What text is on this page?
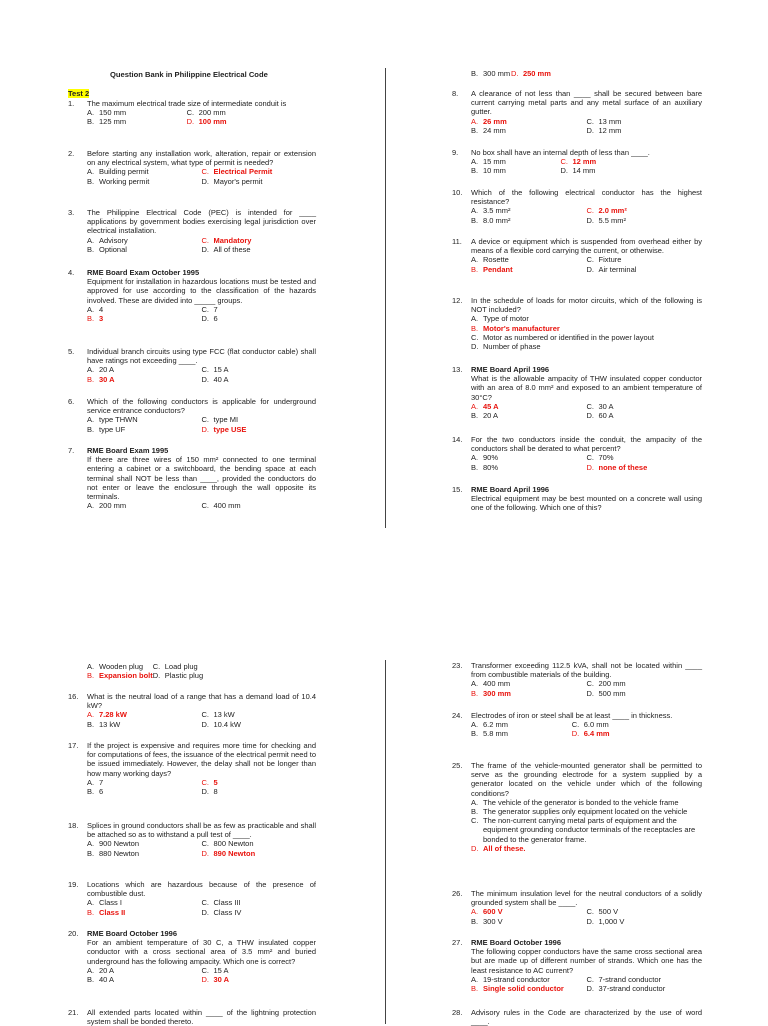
Question Bank in Philippine Electrical Code
Test 2
1.	The maximum electrical trade size of intermediate conduit is
A. 150 mm	C. 200 mm
B. 125 mm	D. 100 mm
2.	Before starting any installation work, alteration, repair or extension on any electrical system, what type of permit is needed?
A. Building permit	C. Electrical Permit
B. Working permit	D. Mayor's permit
3.	The Philippine Electrical Code (PEC) is intended for ____ applications by government bodies exercising legal jurisdiction over electrical installation.
A. Advisory	C. Mandatory
B. Optional	D. All of these
4.	RME Board Exam October 1995
Equipment for installation in hazardous locations must be tested and approved for use according to the classification of the hazards involved. These are divided into _____ groups.
A. 4	C. 7
B. 3	D. 6
5.	Individual branch circuits using type FCC (flat conductor cable) shall have ratings not exceeding ____.
A. 20 A	C. 15 A
B. 30 A	D. 40 A
6.	Which of the following conductors is applicable for underground service entrance conductors?
A. type THWN	C. type MI
B. type UF	D. type USE
7.	RME Board Exam 1995
If there are three wires of 150 mm² connected to one terminal entering a cabinet or a switchboard, the bending space at each terminal shall NOT be less than ____, provided the conductors do not enter or leave the enclosure through the wall opposite its terminals.
A. 200 mm	C. 400 mm
B. 300 mm D. 250 mm
8.	A clearance of not less than ____ shall be secured between bare current carrying metal parts and any metal surface of an auxiliary gutter.
A. 26 mm	C. 13 mm
B. 24 mm	D. 12 mm
9.	No box shall have an internal depth of less than ____.
A. 15 mm	C. 12 mm
B. 10 mm	D. 14 mm
10.	Which of the following electrical conductor has the highest resistance?
A. 3.5 mm²	C. 2.0 mm²
B. 8.0 mm²	D. 5.5 mm²
11.	A device or equipment which is suspended from overhead either by means of a flexible cord carrying the current, or otherwise.
A. Rosette	C. Fixture
B. Pendant	D. Air terminal
12.	In the schedule of loads for motor circuits, which of the following is NOT included?
A. Type of motor
B. Motor's manufacturer
C. Motor as numbered or identified in the power layout
D. Number of phase
13.	RME Board April 1996
What is the allowable ampacity of THW insulated copper conductor with an area of 8.0 mm² and exposed to an ambient temperature of 30°C?
A. 45 A	C. 30 A
B. 20 A	D. 60 A
14.	For the two conductors inside the conduit, the ampacity of the conductors shall be derated to what percent?
A. 90%	C. 70%
B. 80%	D. none of these
15.	RME Board April 1996
Electrical equipment may be best mounted on a concrete wall using one of the following. Which one of this?
A. Wooden plug C. Load plug
B. Expansion bolt D. Plastic plug
16.	What is the neutral load of a range that has a demand load of 10.4 kW?
A. 7.28 kW	C. 13 kW
B. 13 kW	D. 10.4 kW
17.	If the project is expensive and requires more time for checking and for computations of fees, the issuance of the electrical permit need to be issued immediately. However, the delay shall not be longer than how many working days?
A. 7	C. 5
B. 6	D. 8
18.	Splices in ground conductors shall be as few as practicable and shall be attached so as to withstand a pull test of ____.
A. 900 Newton	C. 800 Newton
B. 880 Newton	D. 890 Newton
19.	Locations which are hazardous because of the presence of combustible dust.
A. Class I	C. Class III
B. Class II	D. Class IV
20.	RME Board October 1996
For an ambient temperature of 30 C, a THW insulated copper conductor with a cross sectional area of 3.5 mm² and buried underground has the following ampacity. Which one is correct?
A. 20 A	C. 15 A
B. 40 A	D. 30 A
21.	All extended parts located within ____ of the lightning protection system shall be bonded thereto.
23.	Transformer exceeding 112.5 kVA, shall not be located within ____ from combustible materials of the building.
A. 400 mm	C. 200 mm
B. 300 mm	D. 500 mm
24.	Electrodes of iron or steel shall be at least ____ in thickness.
A. 6.2 mm	C. 6.0 mm
B. 5.8 mm	D. 6.4 mm
25.	The frame of the vehicle-mounted generator shall be permitted to serve as the grounding electrode for a system supplied by a generator located on the vehicle under which of the following conditions?
A. The vehicle of the generator is bonded to the vehicle frame
B. The generator supplies only equipment located on the vehicle
C. The non-current carrying metal parts of equipment and the equipment grounding conductor terminals of the receptacles are bonded to the generator frame.
D. All of these.
26.	The minimum insulation level for the neutral conductors of a solidly grounded system shall be ____.
A. 600 V	C. 500 V
B. 300 V	D. 1,000 V
27.	RME Board October 1996
The following copper conductors have the same cross sectional area but are made up of different number of strands. Which one has the least resistance to AC current?
A. 19-strand conductor	C. 7-strand conductor
B. Single solid conductor	D. 37-strand conductor
28.	Advisory rules in the Code are characterized by the use of word ____.
